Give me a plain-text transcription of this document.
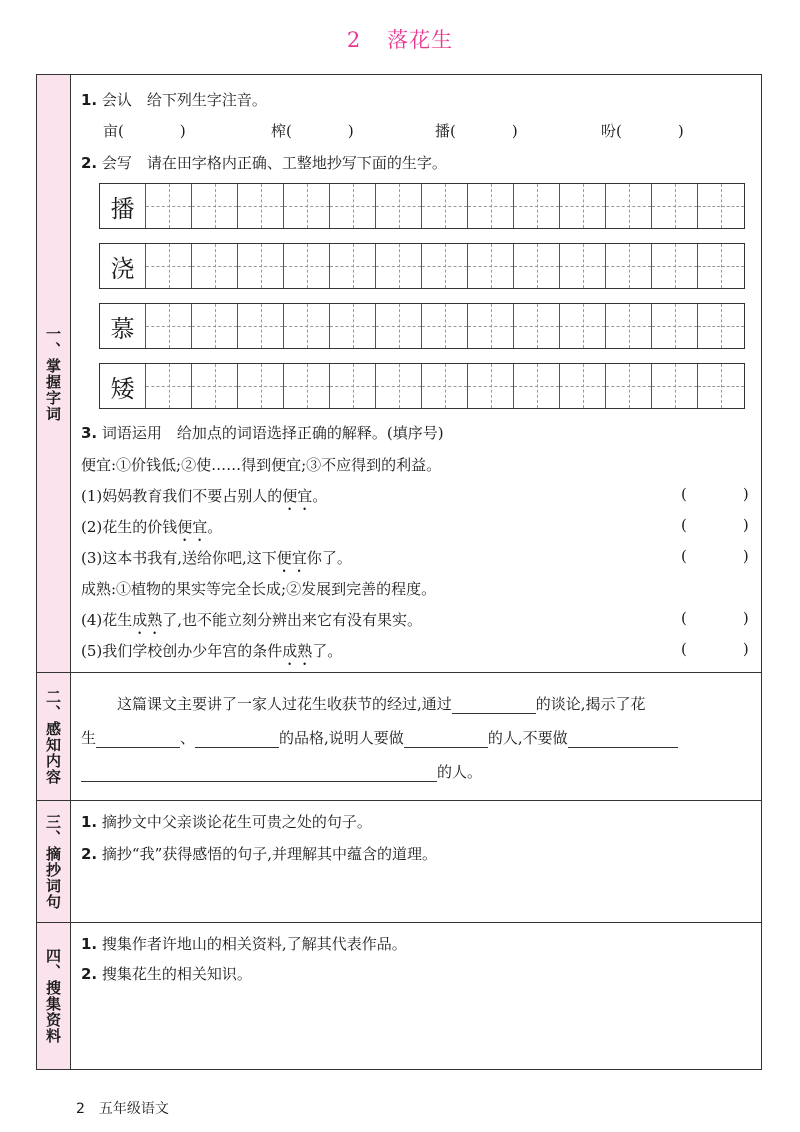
2 落花生
一、掌握字词
1. 会认　给下列生字注音。
亩(	)	榨(	)	播(	)	吩(	)
2. 会写　请在田字格内正确、工整地抄写下面的生字。
播
浇
慕
矮
3. 词语运用　给加点的词语选择正确的解释。(填序号)
便宜:①价钱低;②使……得到便宜;③不应得到的利益。
(1)妈妈教育我们不要占别人的便宜。	(	)
(2)花生的价钱便宜。	(	)
(3)这本书我有,送给你吧,这下便宜你了。	(	)
成熟:①植物的果实等完全长成;②发展到完善的程度。
(4)花生成熟了,也不能立刻分辨出来它有没有果实。	(	)
(5)我们学校创办少年宫的条件成熟了。	(	)
二、感知内容	这篇课文主要讲了一家人过花生收获节的经过,通过	的谈论,揭示了花
生	、	的品格,说明人要做	的人,不要做
的人。
三、摘抄词句 1. 摘抄文中父亲谈论花生可贵之处的句子。
2. 摘抄“我”获得感悟的句子,并理解其中蕴含的道理。
四、搜集资料
1. 搜集作者许地山的相关资料,了解其代表作品。
2. 搜集花生的相关知识。
2 五年级语文
